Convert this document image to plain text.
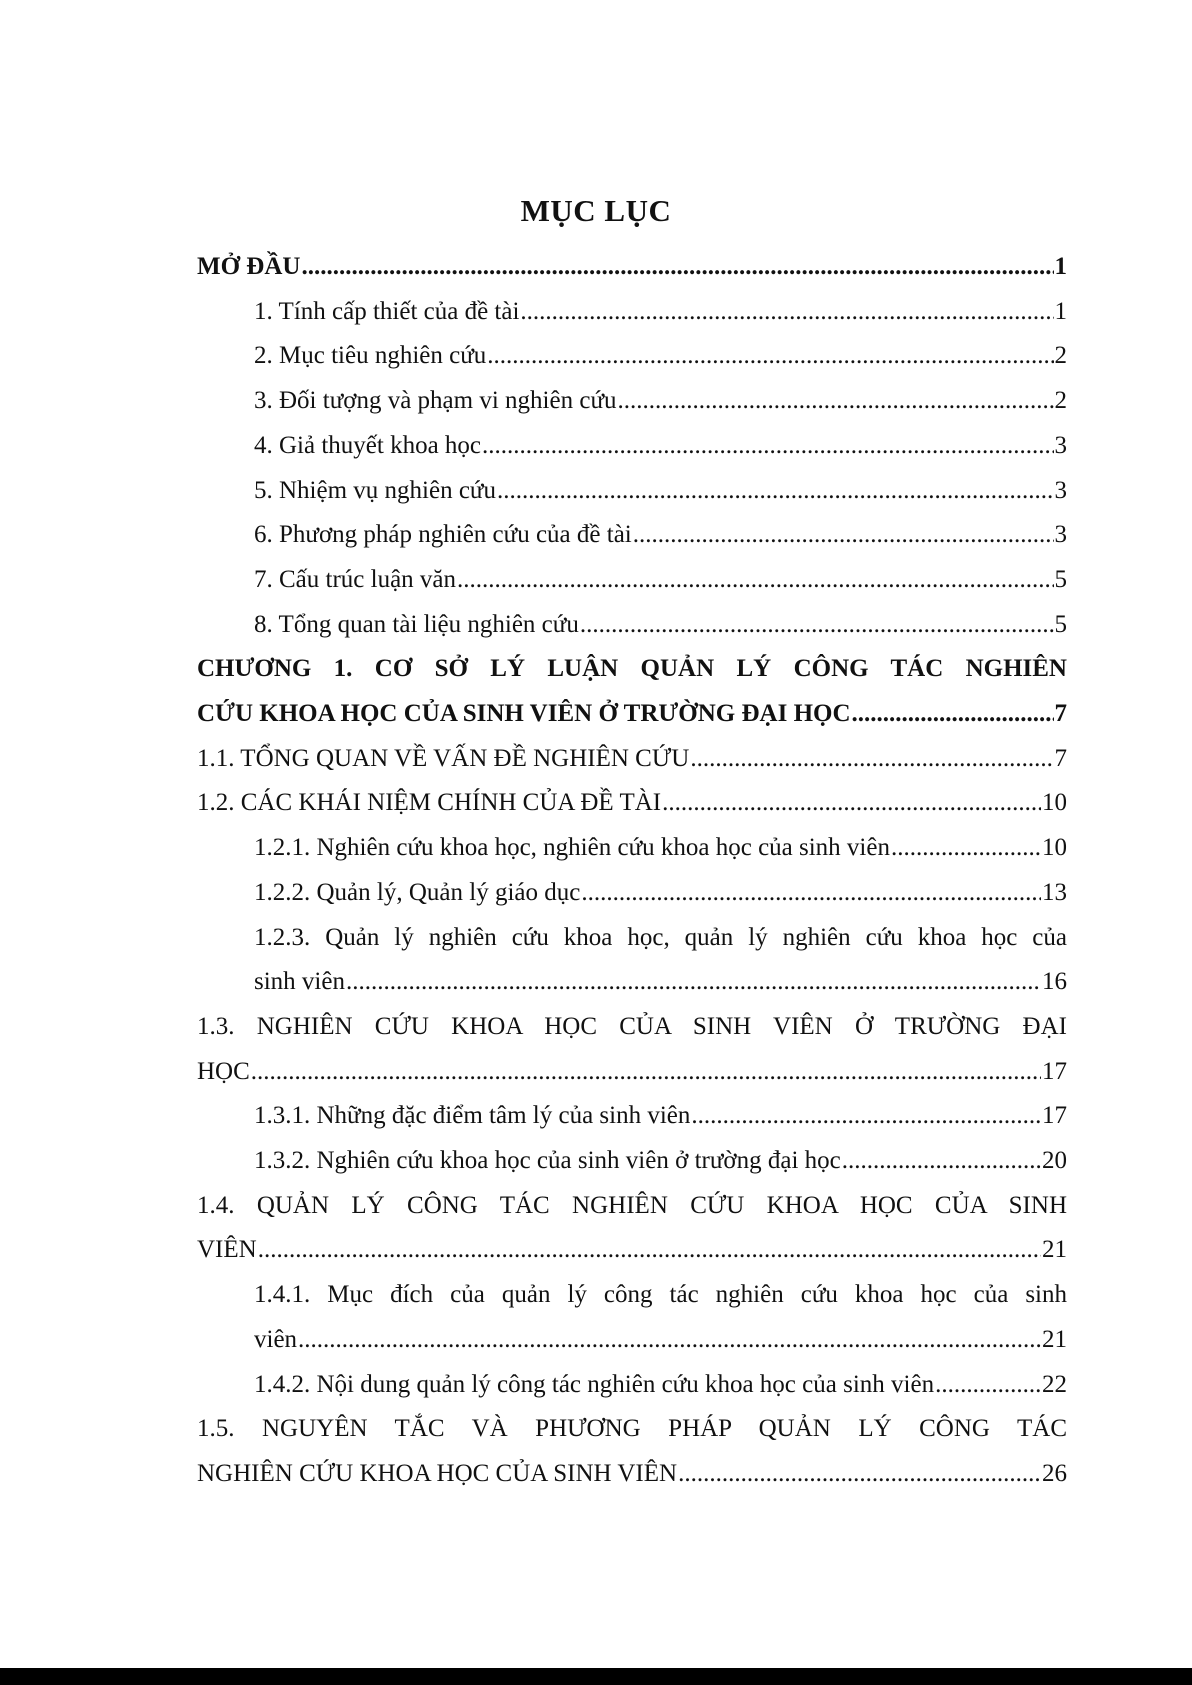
MỤC LỤC
MỞ ĐẦU .....	1
1. Tính cấp thiết của đề tài .....	1
2. Mục tiêu nghiên cứu .....	2
3. Đối tượng và phạm vi nghiên cứu .....	2
4. Giả thuyết khoa học .....	3
5. Nhiệm vụ nghiên cứu .....	3
6. Phương pháp nghiên cứu của đề tài .....	3
7. Cấu trúc luận văn .....	5
8. Tổng quan tài liệu nghiên cứu .....	5
CHƯƠNG 1. CƠ SỞ LÝ LUẬN QUẢN LÝ CÔNG TÁC NGHIÊN
CỨU KHOA HỌC CỦA SINH VIÊN Ở TRƯỜNG ĐẠI HỌC .....	7
1.1. TỔNG QUAN VỀ VẤN ĐỀ NGHIÊN CỨU .....	7
1.2. CÁC KHÁI NIỆM CHÍNH CỦA ĐỀ TÀI .....	10
1.2.1. Nghiên cứu khoa học, nghiên cứu khoa học của sinh viên .....	10
1.2.2. Quản lý, Quản lý giáo dục .....	13
1.2.3. Quản lý nghiên cứu khoa học, quản lý nghiên cứu khoa học của
sinh viên .....	16
1.3. NGHIÊN CỨU KHOA HỌC CỦA SINH VIÊN Ở TRƯỜNG ĐẠI
HỌC .....	17
1.3.1. Những đặc điểm tâm lý của sinh viên .....	17
1.3.2. Nghiên cứu khoa học của sinh viên ở trường đại học .....	20
1.4. QUẢN LÝ CÔNG TÁC NGHIÊN CỨU KHOA HỌC CỦA SINH
VIÊN .....	21
1.4.1. Mục đích của quản lý công tác nghiên cứu khoa học của sinh
viên .....	21
1.4.2. Nội dung quản lý công tác nghiên cứu khoa học của sinh viên .....	22
1.5. NGUYÊN TẮC VÀ PHƯƠNG PHÁP QUẢN LÝ CÔNG TÁC
NGHIÊN CỨU KHOA HỌC CỦA SINH VIÊN .....	26
